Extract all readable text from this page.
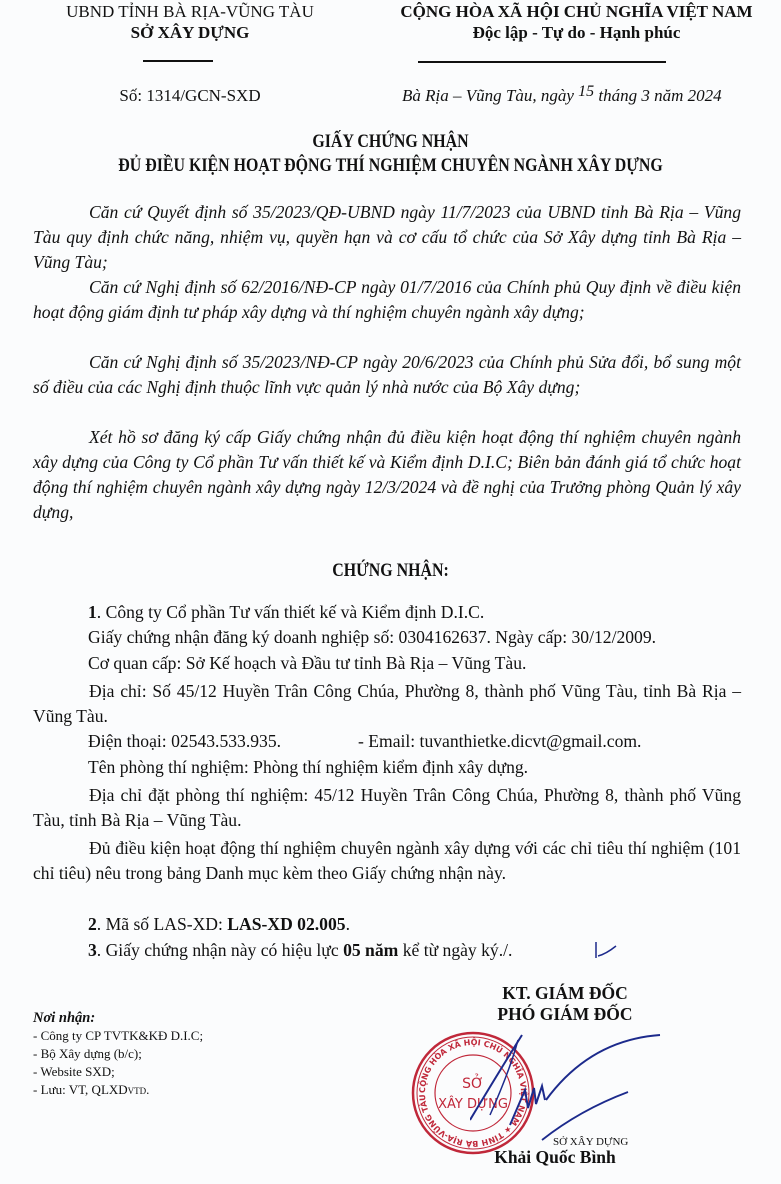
UBND TỈNH BÀ RỊA-VŨNG TÀU
SỞ XÂY DỰNG
Số: 1314/GCN-SXD
CỘNG HÒA XÃ HỘI CHỦ NGHĨA VIỆT NAM
Độc lập - Tự do - Hạnh phúc
Bà Rịa – Vũng Tàu, ngày 15 tháng 3 năm 2024
GIẤY CHỨNG NHẬN
ĐỦ ĐIỀU KIỆN HOẠT ĐỘNG THÍ NGHIỆM CHUYÊN NGÀNH XÂY DỰNG
Căn cứ Quyết định số 35/2023/QĐ-UBND ngày 11/7/2023 của UBND tỉnh Bà Rịa – Vũng Tàu quy định chức năng, nhiệm vụ, quyền hạn và cơ cấu tổ chức của Sở Xây dựng tỉnh Bà Rịa – Vũng Tàu;
Căn cứ Nghị định số 62/2016/NĐ-CP ngày 01/7/2016 của Chính phủ Quy định về điều kiện hoạt động giám định tư pháp xây dựng và thí nghiệm chuyên ngành xây dựng;
Căn cứ Nghị định số 35/2023/NĐ-CP ngày 20/6/2023 của Chính phủ Sửa đổi, bổ sung một số điều của các Nghị định thuộc lĩnh vực quản lý nhà nước của Bộ Xây dựng;
Xét hồ sơ đăng ký cấp Giấy chứng nhận đủ điều kiện hoạt động thí nghiệm chuyên ngành xây dựng của Công ty Cổ phần Tư vấn thiết kế và Kiểm định D.I.C; Biên bản đánh giá tổ chức hoạt động thí nghiệm chuyên ngành xây dựng ngày 12/3/2024 và đề nghị của Trưởng phòng Quản lý xây dựng,
CHỨNG NHẬN:
1. Công ty Cổ phần Tư vấn thiết kế và Kiểm định D.I.C.
Giấy chứng nhận đăng ký doanh nghiệp số: 0304162637. Ngày cấp: 30/12/2009.
Cơ quan cấp: Sở Kế hoạch và Đầu tư tỉnh Bà Rịa – Vũng Tàu.
Địa chỉ: Số 45/12 Huyền Trân Công Chúa, Phường 8, thành phố Vũng Tàu, tỉnh Bà Rịa – Vũng Tàu.
Điện thoại: 02543.533.935.	- Email: tuvanthietke.dicvt@gmail.com.
Tên phòng thí nghiệm: Phòng thí nghiệm kiểm định xây dựng.
Địa chỉ đặt phòng thí nghiệm: 45/12 Huyền Trân Công Chúa, Phường 8, thành phố Vũng Tàu, tỉnh Bà Rịa – Vũng Tàu.
Đủ điều kiện hoạt động thí nghiệm chuyên ngành xây dựng với các chỉ tiêu thí nghiệm (101 chỉ tiêu) nêu trong bảng Danh mục kèm theo Giấy chứng nhận này.
2. Mã số LAS-XD: LAS-XD 02.005.
3. Giấy chứng nhận này có hiệu lực 05 năm kể từ ngày ký./.
Nơi nhận:
- Công ty CP TVTK&KĐ D.I.C;
- Bộ Xây dựng (b/c);
- Website SXD;
- Lưu: VT, QLXDVTD.
KT. GIÁM ĐỐC
PHÓ GIÁM ĐỐC
CỘNG HÒA XÃ HỘI CHỦ NGHĨA VIỆT NAM ★ TỈNH BÀ RỊA-VŨNG TÀU
SỞ
XÂY DỰNG
SỞ XÂY DỰNG
Khải Quốc Bình
